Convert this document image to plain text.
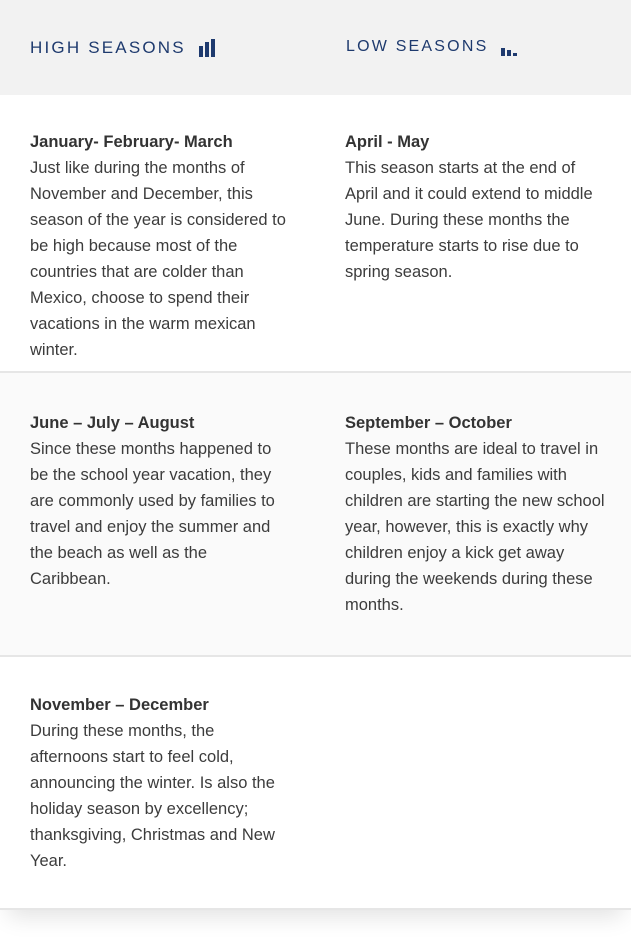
HIGH SEASONS	LOW SEASONS
January- February- March
Just like during the months of November and December, this season of the year is considered to be high because most of the countries that are colder than Mexico, choose to spend their vacations in the warm mexican winter.
April - May
This season starts at the end of April and it could extend to middle June. During these months the temperature starts to rise due to spring season.
June – July – August
Since these months happened to be the school year vacation, they are commonly used by families to travel and enjoy the summer and the beach as well as the Caribbean.
September – October
These months are ideal to travel in couples, kids and families with children are starting the new school year, however, this is exactly why children enjoy a kick get away during the weekends during these months.
November – December
During these months, the afternoons start to feel cold, announcing the winter. Is also the holiday season by excellency; thanksgiving, Christmas and New Year.
